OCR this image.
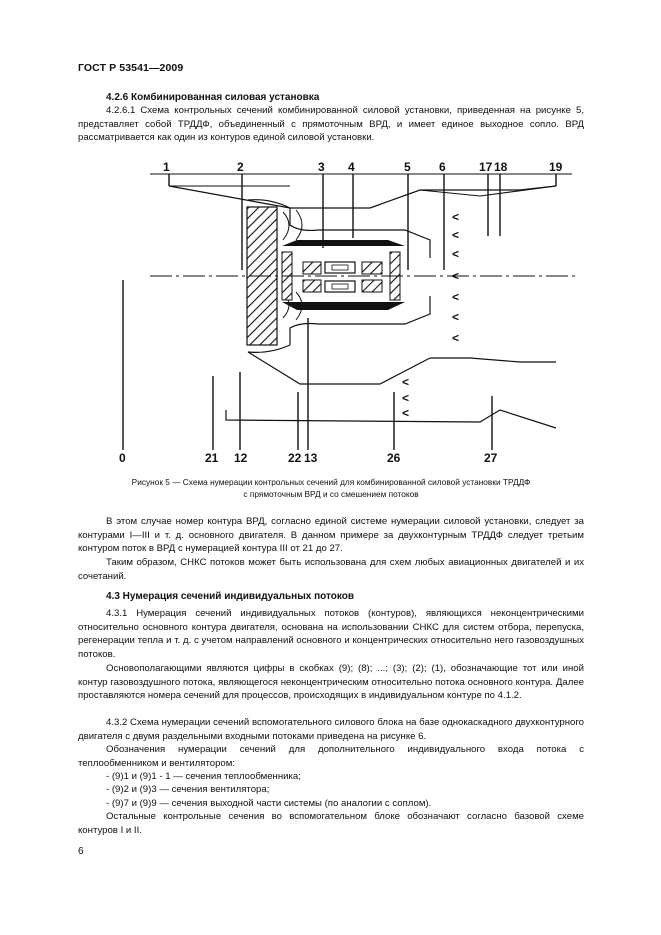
ГОСТ Р 53541—2009
4.2.6 Комбинированная силовая установка
4.2.6.1 Схема контрольных сечений комбинированной силовой установки, приведенная на рисунке 5, представляет собой ТРДДФ, объединенный с прямоточным ВРД, и имеет единое выходное сопло. ВРД рассматривается как один из контуров единой силовой установки.
1	2	3 4	5 6	17 18	19
<
<
<
<
<
<
<
<
<
<
0	21 12	22 13	26	27
Рисунок 5 — Схема нумерации контрольных сечений для комбинированной силовой установки ТРДДФ
с прямоточным ВРД и со смешением потоков
В этом случае номер контура ВРД, согласно единой системе нумерации силовой установки, следует за контурами I—III и т. д. основного двигателя. В данном примере за двухконтурным ТРДДФ следует третьим контуром поток в ВРД с нумерацией контура III от 21 до 27.
Таким образом, СНКС потоков может быть использована для схем любых авиационных двигателей и их сочетаний.
4.3 Нумерация сечений индивидуальных потоков
4.3.1 Нумерация сечений индивидуальных потоков (контуров), являющихся неконцентрическими относительно основного контура двигателя, основана на использовании СНКС для систем отбора, перепуска, регенерации тепла и т. д. с учетом направлений основного и концентрических относительно него газовоздушных потоков.
Основополагающими являются цифры в скобках (9); (8); ...; (3); (2); (1), обозначающие тот или иной контур газовоздушного потока, являющегося неконцентрическим относительно потока основного контура. Далее проставляются номера сечений для процессов, происходящих в индивидуальном контуре по 4.1.2.
4.3.2 Схема нумерации сечений вспомогательного силового блока на базе однокаскадного двухконтурного двигателя с двумя раздельными входными потоками приведена на рисунке 6.
Обозначения нумерации сечений для дополнительного индивидуального входа потока с теплообменником и вентилятором:
- (9)1 и (9)1 - 1 — сечения теплообменника;
- (9)2 и (9)3 — сечения вентилятора;
- (9)7 и (9)9 — сечения выходной части системы (по аналогии с соплом).
Остальные контрольные сечения во вспомогательном блоке обозначают согласно базовой схеме контуров I и II.
6
